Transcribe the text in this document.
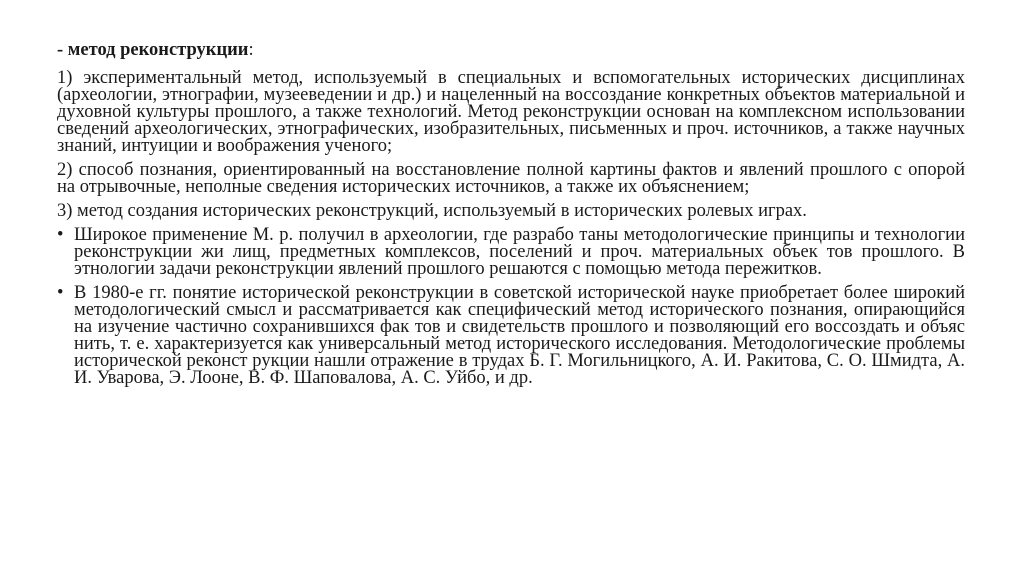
- метод реконструкции:
1) экспериментальный метод, используемый в специальных и вспомогательных исторических дисциплинах (археологии, этнографии, музееведении и др.) и нацеленный на воссоздание конкретных объектов материальной и духовной культуры прошлого, а также технологий. Метод реконструкции основан на комплексном использовании сведений археологических, этнографических, изобразительных, письменных и проч. источников, а также научных знаний, интуиции и воображения ученого;
2) способ познания, ориентированный на восстановление полной картины фактов и явлений прошлого с опорой на отрывочные, неполные сведения исторических источников, а также их объяснением;
3) метод создания исторических реконструкций, используемый в исторических ролевых играх.
• Широкое применение М. р. получил в археологии, где разрабо таны методологические принципы и технологии реконструкции жи лищ, предметных комплексов, поселений и проч. материальных объек тов прошлого. В этнологии задачи реконструкции явлений прошлого решаются с помощью метода пережитков.
• В 1980-е гг. понятие исторической реконструкции в советской исторической науке приобретает более широкий методологический смысл и рассматривается как специфический метод исторического познания, опирающийся на изучение частично сохранившихся фак тов и свидетельств прошлого и позволяющий его воссоздать и объяс нить, т. е. характеризуется как универсальный метод исторического исследования. Методологические проблемы исторической реконст рукции нашли отражение в трудах Б. Г. Могильницкого, А. И. Ракитова, С. О. Шмидта, А. И. Уварова, Э. Лооне, В. Ф. Шаповалова, А. С. Уйбо, и др.
